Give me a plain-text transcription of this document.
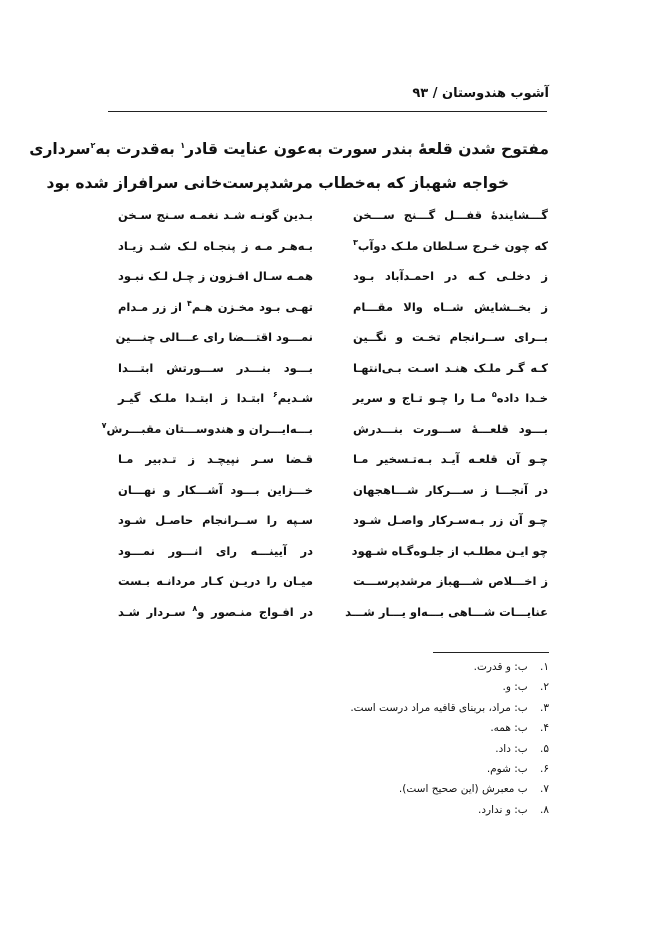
آشوب هندوستان / ۹۳
مفتوح شدن قلعهٔ بندر سورت به‌عون عنایت قادر$^۱$ به‌قدرت به$^۲$سرداری
خواجه شهباز که به‌خطاب مرشدپرست‌خانی سرافراز شده بود
گـــشایندهٔ قفـــل گـــنج ســـخن
بـدین گونـه شـد نغمـه سـنج سـخن
که چون خـرج سـلطان ملـک دوآب$^۳$
بـه‌هـر مـه ز پنجـاه لـک شـد زیـاد
ز دخلـی کـه در احمـدآباد بـود
همـه سـال افـزون ز چـل لـک نبـود
ز بخــشایش شــاه والا مقـــام
تهـی بـود مخـزن هـم$^۴$ از زر مـدام
بــرای ســرانجام تخـت و نگــین
نمـــود اقتـــضا رای عـــالی چنـــین
کـه گـر ملـک هنـد اسـت بـی‌انتهـا
بـــود بنـــدر ســـورتش ابتـــدا
خـدا داده$^۵$ مـا را چـو تـاج و سریر
شـدیم$^۶$ ابتـدا ز ابتـدا ملـک گیـر
بـــود قلعـــهٔ ســـورت بنـــدرش
بـــه‌ایـــران و هندوســـتان مقبـــرش$^۷$
چـو آن قلعـه آیـد بـه‌تـسخیر مـا
قـضا سـر نپیچـد ز تـدبیر مـا
در آنجـــا ز ســـرکار شـــاهجهان
خـــزاین بـــود آشـــکار و نهـــان
چـو آن زر بـه‌سـرکار واصـل شـود
سـپه را ســرانجام حاصـل شـود
چو ایـن مطلـب از جلـوه‌گـاه شـهود
در آیینـــه رای انـــور نمـــود
ز اخـــلاص شـــهباز مرشدپرســـت
میـان را دریـن کـار مردانـه بـست
عنایـــات شـــاهی بـــه‌او یـــار شـــد
در افـواج منـصور و$^۸$ سـردار شـد
۱. ب: و قدرت.
۲. ب: و.
۳. ب: مراد، بربنای قافیه مراد درست است.
۴. ب: همه.
۵. ب: داد.
۶. ب: شوم.
۷. ب معبرش (این صحیح است).
۸. ب: و ندارد.
